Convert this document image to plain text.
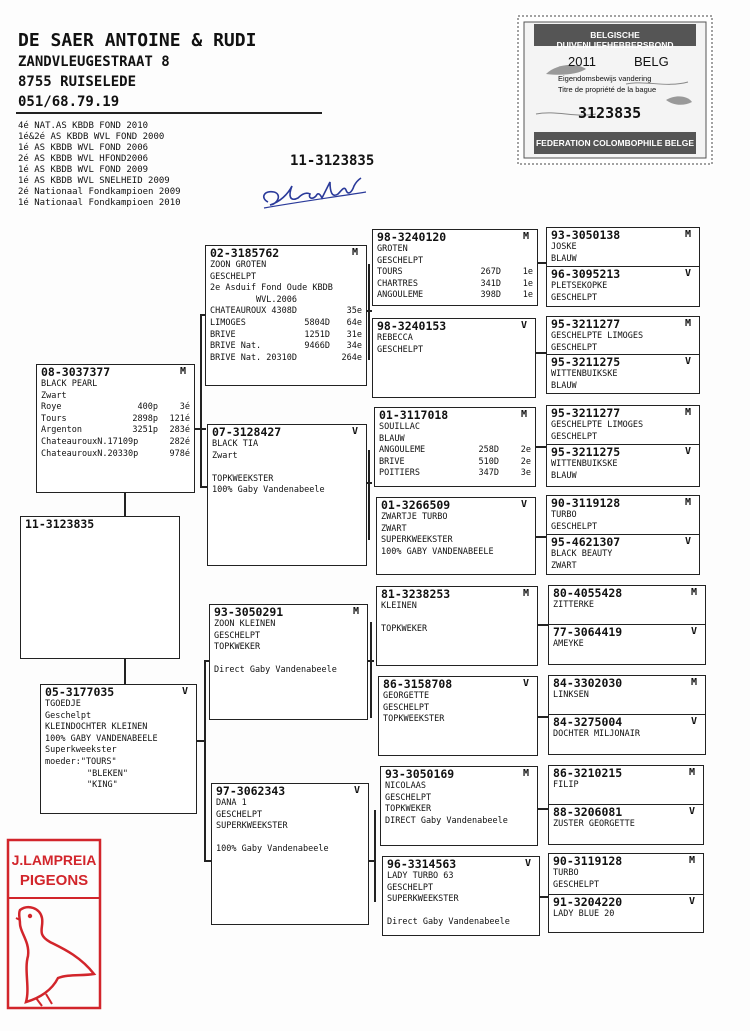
DE SAER ANTOINE & RUDI
ZANDVLEUGESTRAAT 8
8755 RUISELEDE
051/68.79.19
4é NAT.AS KBDB FOND 2010
1é&2é AS KBDB WVL FOND 2000
1é AS KBDB WVL FOND 2006
2é AS KBDB WVL HFOND2006
1é AS KBDB WVL FOND 2009
1é AS KBDB WVL SNELHEID 2009
2é Nationaal Fondkampioen 2009
1é Nationaal Fondkampioen 2010
11-3123835
BELGISCHE DUIVENLIEFHEBBERSBOND
2011	BELG
Eigendomsbewijs vandering
Titre de propriété de la bague
3123835
FEDERATION COLOMBOPHILE BELGE
11-3123835
08-3037377	M
BLACK PEARL
Zwart
Roye	400p	3é
Tours	2898p	121é
Argenton	3251p	283é
ChateaurouxN.17109p	282é
ChateaurouxN.20330p	978é
05-3177035	V
TGOEDJE
Geschelpt
KLEINDOCHTER KLEINEN
100% GABY VANDENABEELE
Superkweekster
moeder:"TOURS"
"BLEKEN"
"KING"
02-3185762	M
ZOON GROTEN
GESCHELPT
2e Asduif Fond Oude KBDB
WVL.2006
CHATEAUROUX 4308D	35e
LIMOGES	5804D	64e
BRIVE	1251D	31e
BRIVE Nat.	9466D	34e
BRIVE Nat. 20310D	264e
07-3128427	V
BLACK TIA
Zwart

TOPKWEEKSTER
100% Gaby Vandenabeele
93-3050291	M
ZOON KLEINEN
GESCHELPT
TOPKWEKER

Direct Gaby Vandenabeele
97-3062343	V
DANA 1
GESCHELPT
SUPERKWEEKSTER

100% Gaby Vandenabeele
98-3240120	M
GROTEN
GESCHELPT
TOURS	267D	1e
CHARTRES	341D	1e
ANGOULEME	398D	1e
98-3240153	V
REBECCA
GESCHELPT
01-3117018	M
SOUILLAC
BLAUW
ANGOULEME	258D	2e
BRIVE	510D	2e
POITIERS	347D	3e
01-3266509	V
ZWARTJE TURBO
ZWART
SUPERKWEEKSTER
100% GABY VANDENABEELE
81-3238253	M
KLEINEN

TOPKWEKER
86-3158708	V
GEORGETTE
GESCHELPT
TOPKWEEKSTER
93-3050169	M
NICOLAAS
GESCHELPT
TOPKWEKER
DIRECT Gaby Vandenabeele
96-3314563	V
LADY TURBO 63
GESCHELPT
SUPERKWEEKSTER

Direct Gaby Vandenabeele
93-3050138	M
JOSKE
BLAUW
96-3095213	V
PLETSEKOPKE
GESCHELPT
95-3211277	M
GESCHELPTE LIMOGES
GESCHELPT
95-3211275	V
WITTENBUIKSKE
BLAUW
95-3211277	M
GESCHELPTE LIMOGES
GESCHELPT
95-3211275	V
WITTENBUIKSKE
BLAUW
90-3119128	M
TURBO
GESCHELPT
95-4621307	V
BLACK BEAUTY
ZWART
80-4055428	M
ZITTERKE
77-3064419	V
AMEYKE
84-3302030	M
LINKSEN
84-3275004	V
DOCHTER MILJONAIR
86-3210215	M
FILIP
88-3206081	V
ZUSTER GEORGETTE
90-3119128	M
TURBO
GESCHELPT
91-3204220	V
LADY BLUE 20
J.LAMPREIA
PIGEONS
